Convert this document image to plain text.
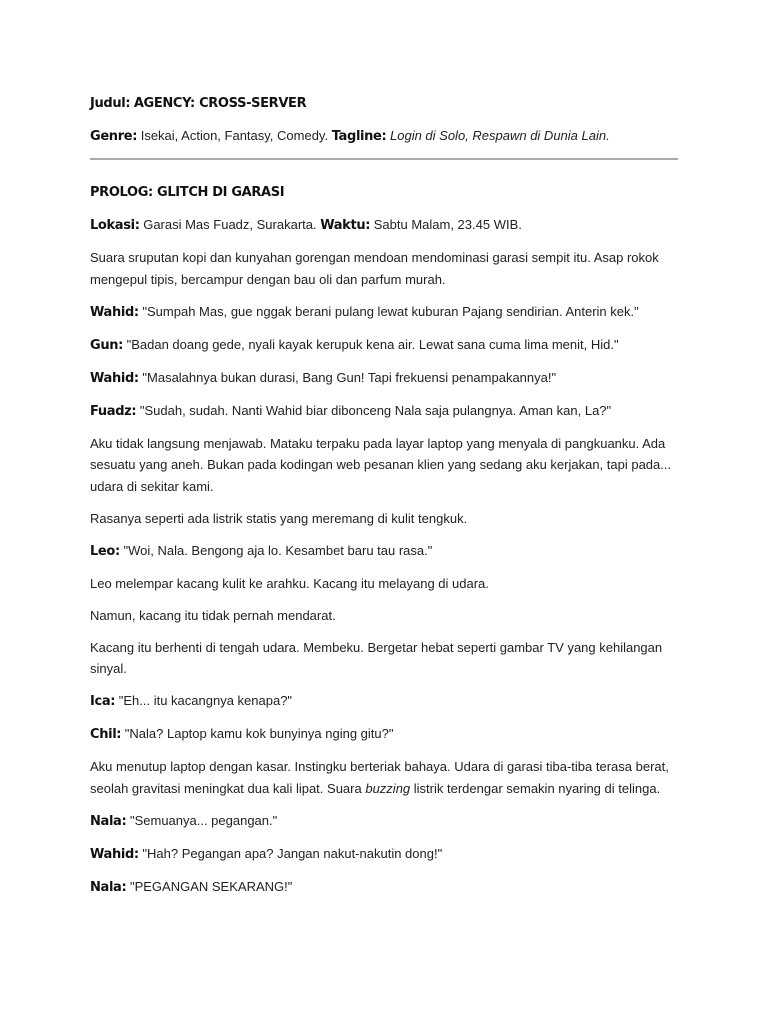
Judul: AGENCY: CROSS-SERVER

Genre: Isekai, Action, Fantasy, Comedy. Tagline: Login di Solo, Respawn di Dunia Lain.

PROLOG: GLITCH DI GARASI

Lokasi: Garasi Mas Fuadz, Surakarta. Waktu: Sabtu Malam, 23.45 WIB.

Suara sruputan kopi dan kunyahan gorengan mendoan mendominasi garasi sempit itu. Asap rokok mengepul tipis, bercampur dengan bau oli dan parfum murah.

Wahid: "Sumpah Mas, gue nggak berani pulang lewat kuburan Pajang sendirian. Anterin kek."

Gun: "Badan doang gede, nyali kayak kerupuk kena air. Lewat sana cuma lima menit, Hid."

Wahid: "Masalahnya bukan durasi, Bang Gun! Tapi frekuensi penampakannya!"

Fuadz: "Sudah, sudah. Nanti Wahid biar dibonceng Nala saja pulangnya. Aman kan, La?"

Aku tidak langsung menjawab. Mataku terpaku pada layar laptop yang menyala di pangkuanku. Ada sesuatu yang aneh. Bukan pada kodingan web pesanan klien yang sedang aku kerjakan, tapi pada... udara di sekitar kami.

Rasanya seperti ada listrik statis yang meremang di kulit tengkuk.

Leo: "Woi, Nala. Bengong aja lo. Kesambet baru tau rasa."

Leo melempar kacang kulit ke arahku. Kacang itu melayang di udara.

Namun, kacang itu tidak pernah mendarat.

Kacang itu berhenti di tengah udara. Membeku. Bergetar hebat seperti gambar TV yang kehilangan sinyal.

Ica: "Eh... itu kacangnya kenapa?"

Chil: "Nala? Laptop kamu kok bunyinya nging gitu?"

Aku menutup laptop dengan kasar. Instingku berteriak bahaya. Udara di garasi tiba-tiba terasa berat, seolah gravitasi meningkat dua kali lipat. Suara buzzing listrik terdengar semakin nyaring di telinga.

Nala: "Semuanya... pegangan."

Wahid: "Hah? Pegangan apa? Jangan nakut-nakutin dong!"

Nala: "PEGANGAN SEKARANG!"
